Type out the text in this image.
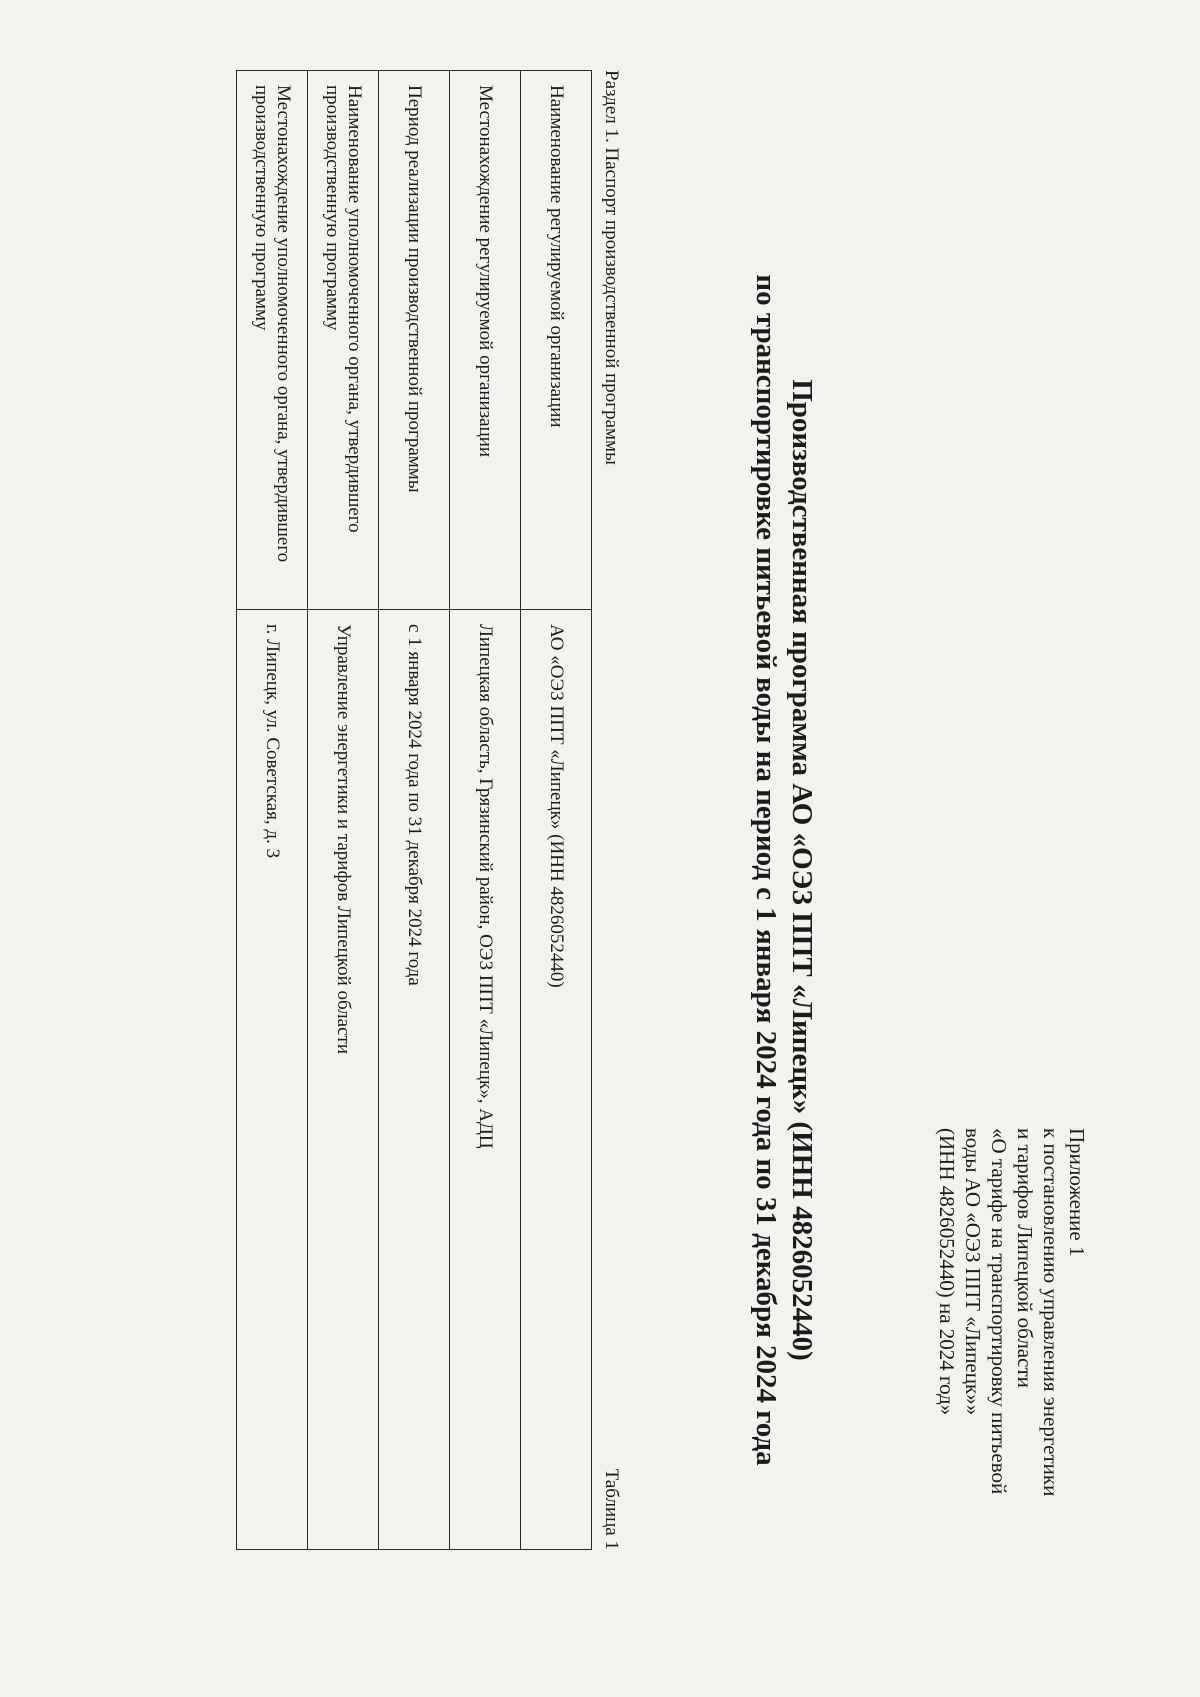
Приложение 1
к постановлению управления энергетики
и тарифов Липецкой области
«О тарифе на транспортировку питьевой
воды АО «ОЭЗ ППТ «Липецк»»
(ИНН 4826052440) на 2024 год»
Производственная программа АО «ОЭЗ ППТ «Липецк» (ИНН 4826052440)
по транспортировке питьевой воды на период с 1 января 2024 года по 31 декабря 2024 года
Раздел 1. Паспорт производственной программы
Таблица 1
Наименование регулируемой организации	АО «ОЭЗ ППТ «Липецк» (ИНН 4826052440)
Местонахождение регулируемой организации	Липецкая область, Грязинский район, ОЭЗ ППТ «Липецк», АДЦ
Период реализации производственной программы	с 1 января 2024 года по 31 декабря 2024 года
Наименование уполномоченного органа, утвердившего производственную программу	Управление энергетики и тарифов Липецкой области
Местонахождение уполномоченного органа, утвердившего производственную программу	г. Липецк, ул. Советская, д. 3
